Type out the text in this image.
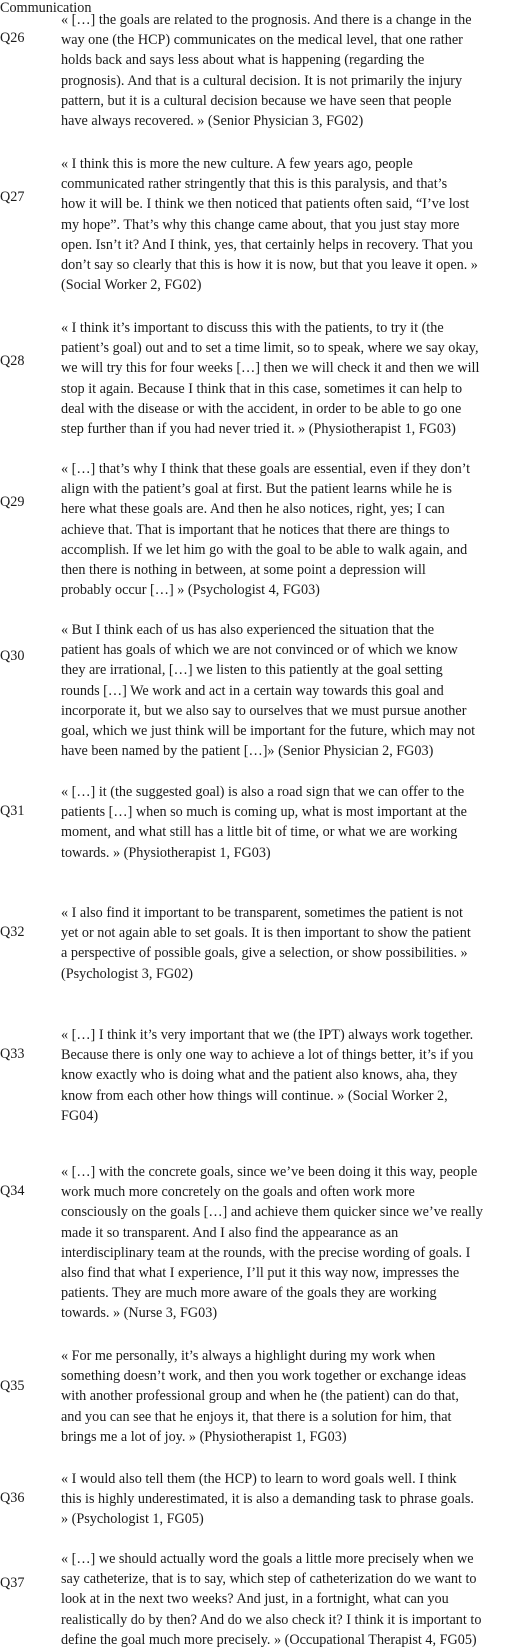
Communication
Q26

« […] the goals are related to the prognosis. And there is a change in the
way one (the HCP) communicates on the medical level, that one rather
holds back and says less about what is happening (regarding the
prognosis). And that is a cultural decision. It is not primarily the injury
pattern, but it is a cultural decision because we have seen that people
have always recovered. » (Senior Physician 3, FG02)

Q27

« I think this is more the new culture. A few years ago, people
communicated rather stringently that this is this paralysis, and that’s
how it will be. I think we then noticed that patients often said, “I’ve lost
my hope”. That’s why this change came about, that you just stay more
open. Isn’t it? And I think, yes, that certainly helps in recovery. That you
don’t say so clearly that this is how it is now, but that you leave it open. »
(Social Worker 2, FG02)

Q28

« I think it’s important to discuss this with the patients, to try it (the
patient’s goal) out and to set a time limit, so to speak, where we say okay,
we will try this for four weeks […] then we will check it and then we will
stop it again. Because I think that in this case, sometimes it can help to
deal with the disease or with the accident, in order to be able to go one
step further than if you had never tried it. » (Physiotherapist 1, FG03)

Q29

« […] that’s why I think that these goals are essential, even if they don’t
align with the patient’s goal at first. But the patient learns while he is
here what these goals are. And then he also notices, right, yes; I can
achieve that. That is important that he notices that there are things to
accomplish. If we let him go with the goal to be able to walk again, and
then there is nothing in between, at some point a depression will
probably occur […] » (Psychologist 4, FG03)

Q30

« But I think each of us has also experienced the situation that the
patient has goals of which we are not convinced or of which we know
they are irrational, […] we listen to this patiently at the goal setting
rounds […] We work and act in a certain way towards this goal and
incorporate it, but we also say to ourselves that we must pursue another
goal, which we just think will be important for the future, which may not
have been named by the patient […]» (Senior Physician 2, FG03)

Q31

« […] it (the suggested goal) is also a road sign that we can offer to the
patients […] when so much is coming up, what is most important at the
moment, and what still has a little bit of time, or what we are working
towards. » (Physiotherapist 1, FG03)

Q32

« I also find it important to be transparent, sometimes the patient is not
yet or not again able to set goals. It is then important to show the patient
a perspective of possible goals, give a selection, or show possibilities. »
(Psychologist 3, FG02)

Q33

« […] I think it’s very important that we (the IPT) always work together.
Because there is only one way to achieve a lot of things better, it’s if you
know exactly who is doing what and the patient also knows, aha, they
know from each other how things will continue. » (Social Worker 2,
FG04)

Q34

« […] with the concrete goals, since we’ve been doing it this way, people
work much more concretely on the goals and often work more
consciously on the goals […] and achieve them quicker since we’ve really
made it so transparent. And I also find the appearance as an
interdisciplinary team at the rounds, with the precise wording of goals. I
also find that what I experience, I’ll put it this way now, impresses the
patients. They are much more aware of the goals they are working
towards. » (Nurse 3, FG03)

Q35

« For me personally, it’s always a highlight during my work when
something doesn’t work, and then you work together or exchange ideas
with another professional group and when he (the patient) can do that,
and you can see that he enjoys it, that there is a solution for him, that
brings me a lot of joy. » (Physiotherapist 1, FG03)

Q36

« I would also tell them (the HCP) to learn to word goals well. I think
this is highly underestimated, it is also a demanding task to phrase goals.
» (Psychologist 1, FG05)

Q37

« […] we should actually word the goals a little more precisely when we
say catheterize, that is to say, which step of catheterization do we want to
look at in the next two weeks? And just, in a fortnight, what can you
realistically do by then? And do we also check it? I think it is important to
define the goal much more precisely. » (Occupational Therapist 4, FG05)
